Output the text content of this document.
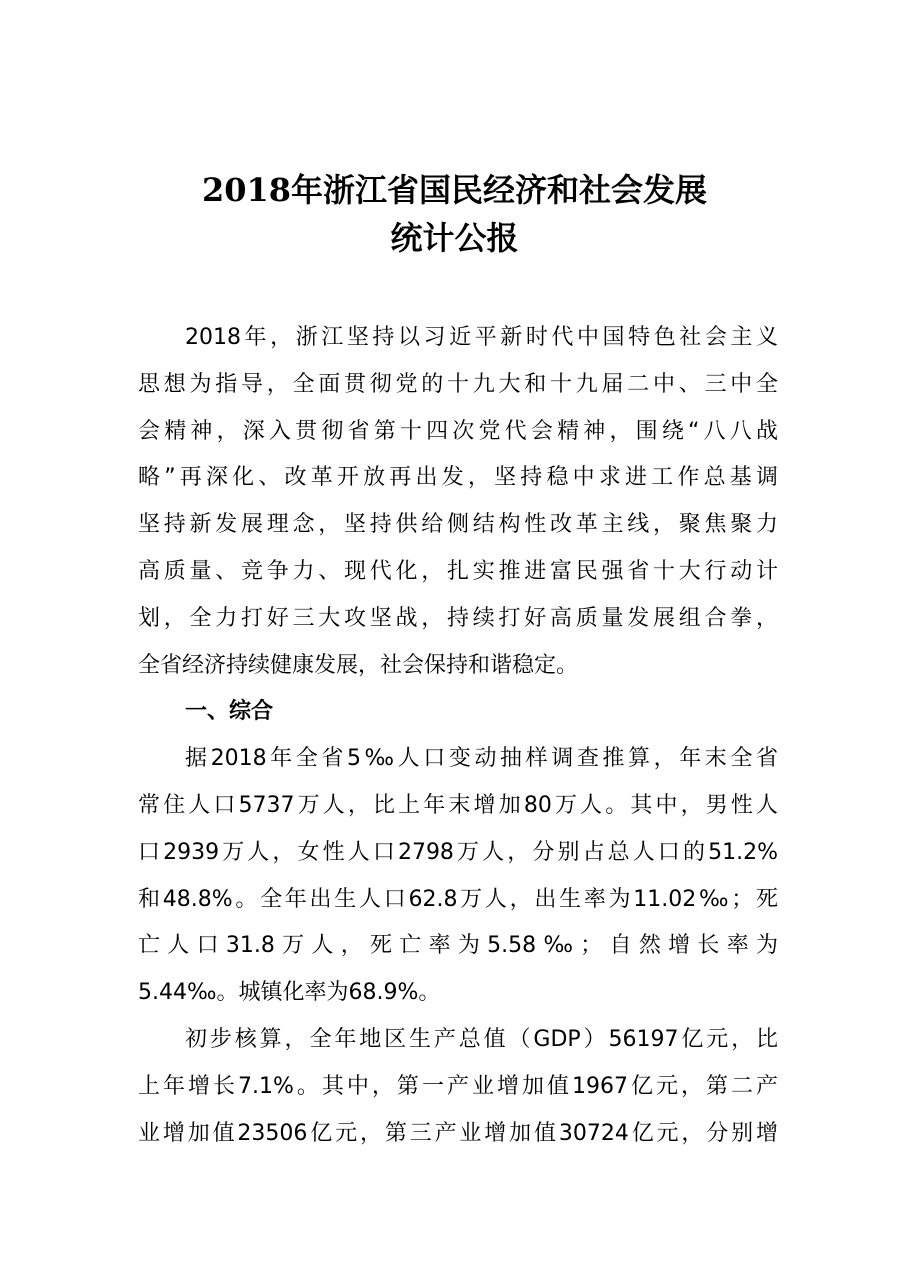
2018年浙江省国民经济和社会发展
统计公报
2018年，浙江坚持以习近平新时代中国特色社会主义
思想为指导，全面贯彻党的十九大和十九届二中、三中全
会精神，深入贯彻省第十四次党代会精神，围绕“八八战
略”再深化、改革开放再出发，坚持稳中求进工作总基调
坚持新发展理念，坚持供给侧结构性改革主线，聚焦聚力
高质量、竞争力、现代化，扎实推进富民强省十大行动计
划，全力打好三大攻坚战，持续打好高质量发展组合拳，
全省经济持续健康发展，社会保持和谐稳定。
一、综合
据2018年全省5‰人口变动抽样调查推算，年末全省
常住人口5737万人，比上年末增加80万人。其中，男性人
口2939万人，女性人口2798万人，分别占总人口的51.2%
和48.8%。全年出生人口62.8万人，出生率为11.02‰；死
亡人口31.8万人，死亡率为5.58‰；自然增长率为
5.44‰。城镇化率为68.9%。
初步核算，全年地区生产总值（GDP）56197亿元，比
上年增长7.1%。其中，第一产业增加值1967亿元，第二产
业增加值23506亿元，第三产业增加值30724亿元，分别增
